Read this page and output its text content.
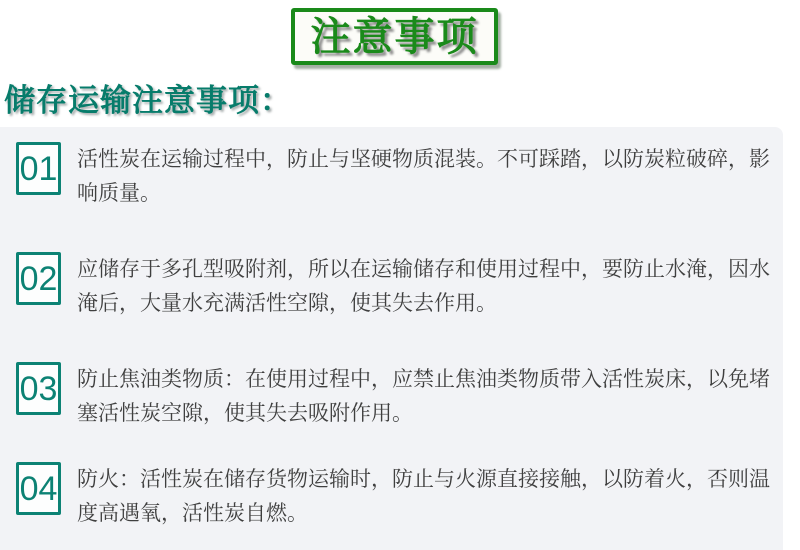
注意事项
储存运输注意事项：
01 活性炭在运输过程中，防止与坚硬物质混装。不可踩踏，以防炭粒破碎，影响质量。
02 应储存于多孔型吸附剂，所以在运输储存和使用过程中，要防止水淹，因水淹后，大量水充满活性空隙，使其失去作用。
03 防止焦油类物质：在使用过程中，应禁止焦油类物质带入活性炭床，以免堵塞活性炭空隙，使其失去吸附作用。
04 防火：活性炭在储存货物运输时，防止与火源直接接触，以防着火，否则温度高遇氧，活性炭自燃。
